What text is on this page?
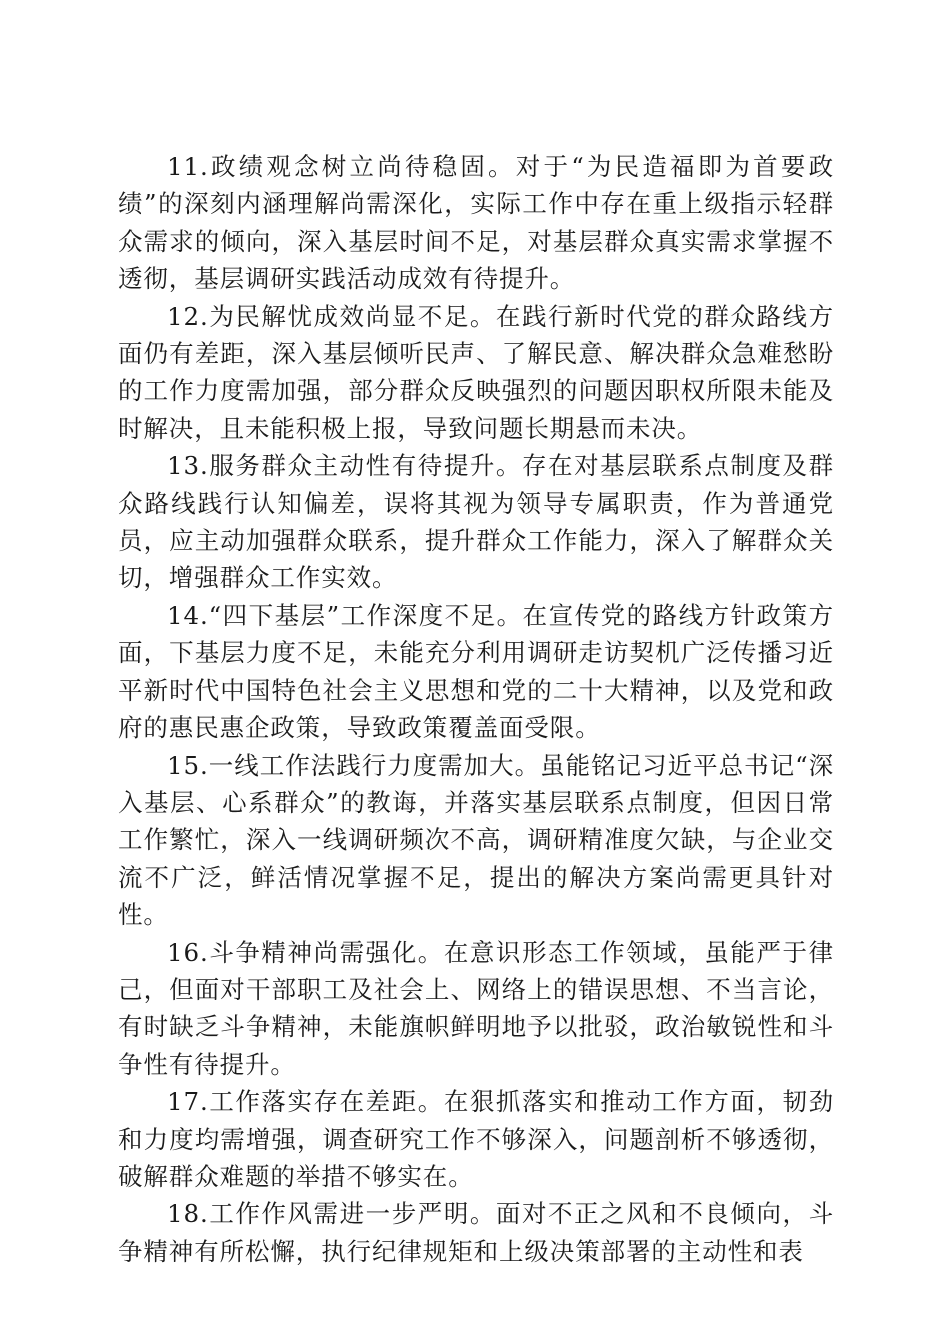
11.政绩观念树立尚待稳固。对于“为民造福即为首要政绩”的深刻内涵理解尚需深化，实际工作中存在重上级指示轻群众需求的倾向，深入基层时间不足，对基层群众真实需求掌握不透彻，基层调研实践活动成效有待提升。

12.为民解忧成效尚显不足。在践行新时代党的群众路线方面仍有差距，深入基层倾听民声、了解民意、解决群众急难愁盼的工作力度需加强，部分群众反映强烈的问题因职权所限未能及时解决，且未能积极上报，导致问题长期悬而未决。

13.服务群众主动性有待提升。存在对基层联系点制度及群众路线践行认知偏差，误将其视为领导专属职责，作为普通党员，应主动加强群众联系，提升群众工作能力，深入了解群众关切，增强群众工作实效。

14.“四下基层”工作深度不足。在宣传党的路线方针政策方面，下基层力度不足，未能充分利用调研走访契机广泛传播习近平新时代中国特色社会主义思想和党的二十大精神，以及党和政府的惠民惠企政策，导致政策覆盖面受限。

15.一线工作法践行力度需加大。虽能铭记习近平总书记“深入基层、心系群众”的教诲，并落实基层联系点制度，但因日常工作繁忙，深入一线调研频次不高，调研精准度欠缺，与企业交流不广泛，鲜活情况掌握不足，提出的解决方案尚需更具针对性。

16.斗争精神尚需强化。在意识形态工作领域，虽能严于律己，但面对干部职工及社会上、网络上的错误思想、不当言论，有时缺乏斗争精神，未能旗帜鲜明地予以批驳，政治敏锐性和斗争性有待提升。

17.工作落实存在差距。在狠抓落实和推动工作方面，韧劲和力度均需增强，调查研究工作不够深入，问题剖析不够透彻，破解群众难题的举措不够实在。

18.工作作风需进一步严明。面对不正之风和不良倾向，斗争精神有所松懈，执行纪律规矩和上级决策部署的主动性和表
